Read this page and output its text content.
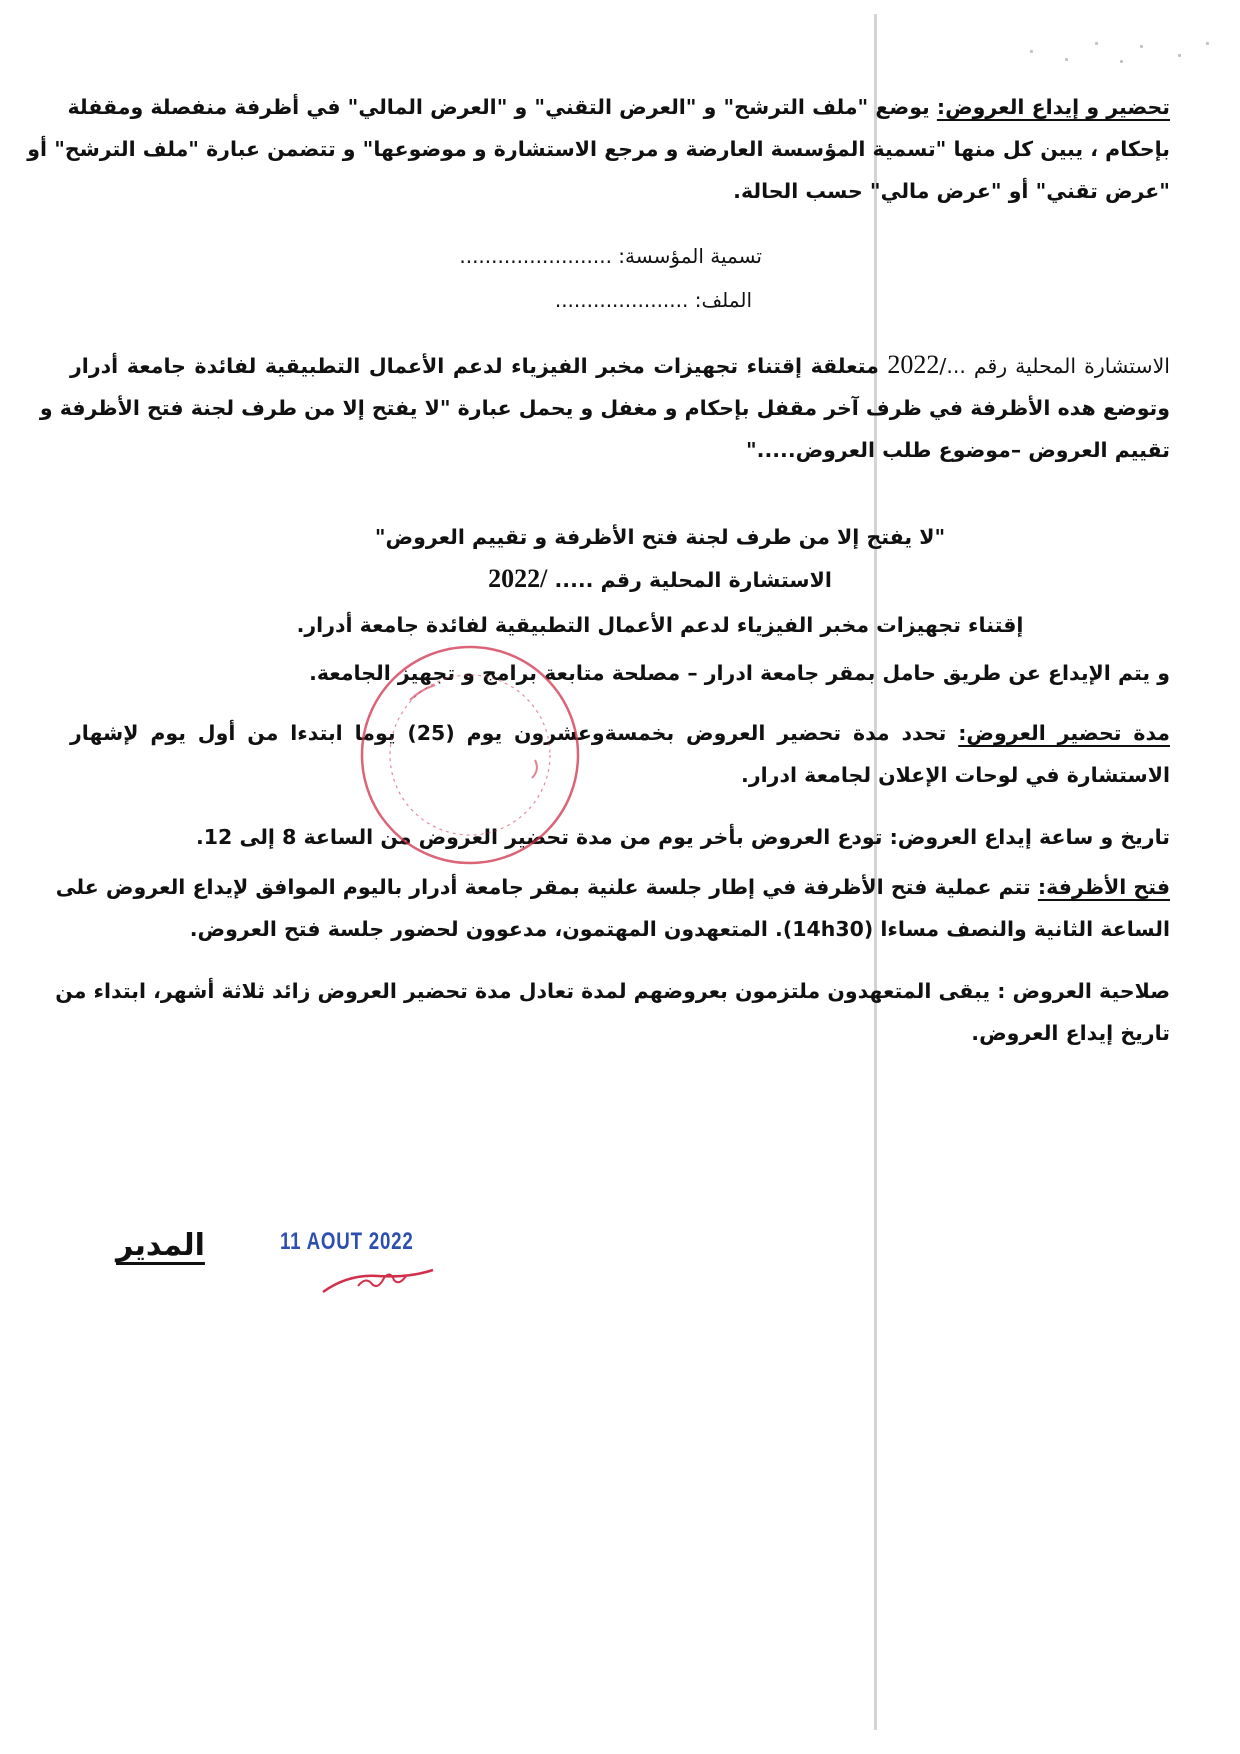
تحضير و إيداع العروض: يوضع "ملف الترشح" و "العرض التقني" و "العرض المالي" في أظرفة منفصلة ومقفلة
بإحكام ، يبين كل منها "تسمية المؤسسة العارضة و مرجع الاستشارة و موضوعها" و تتضمن عبارة "ملف الترشح" أو
"عرض تقني" أو "عرض مالي" حسب الحالة.
تسمية المؤسسة: ........................
الملف: .....................
الاستشارة المحلية رقم .../2022 متعلقة إقتناء تجهيزات مخبر الفيزياء لدعم الأعمال التطبيقية لفائدة جامعة أدرار
وتوضع هده الأظرفة في ظرف آخر مقفل بإحكام و مغفل و يحمل عبارة "لا يفتح إلا من طرف لجنة فتح الأظرفة و
تقييم العروض –موضوع طلب العروض....."
"لا يفتح إلا من طرف لجنة فتح الأظرفة و تقييم العروض"
الاستشارة المحلية رقم ..... /2022
إقتناء تجهيزات مخبر الفيزياء لدعم الأعمال التطبيقية لفائدة جامعة أدرار.
و يتم الإيداع عن طريق حامل بمقر جامعة ادرار – مصلحة متابعة برامج و تجهيز الجامعة.
مدة تحضير العروض: تحدد مدة تحضير العروض بخمسةوعشرون يوم (25) يوما ابتدءا من أول يوم لإشهار
الاستشارة في لوحات الإعلان لجامعة ادرار.
تاريخ و ساعة إيداع العروض: تودع العروض بأخر يوم من مدة تحضير العروض من الساعة 8 إلى 12.
فتح الأظرفة: تتم عملية فتح الأظرفة في إطار جلسة علنية بمقر جامعة أدرار باليوم الموافق لإيداع العروض على
الساعة الثانية والنصف مساءا (14h30). المتعهدون المهتمون، مدعوون لحضور جلسة فتح العروض.
صلاحية العروض : يبقى المتعهدون ملتزمون بعروضهم لمدة تعادل مدة تحضير العروض زائد ثلاثة أشهر، ابتداء من
تاريخ إيداع العروض.
المدير	11 AOUT 2022
